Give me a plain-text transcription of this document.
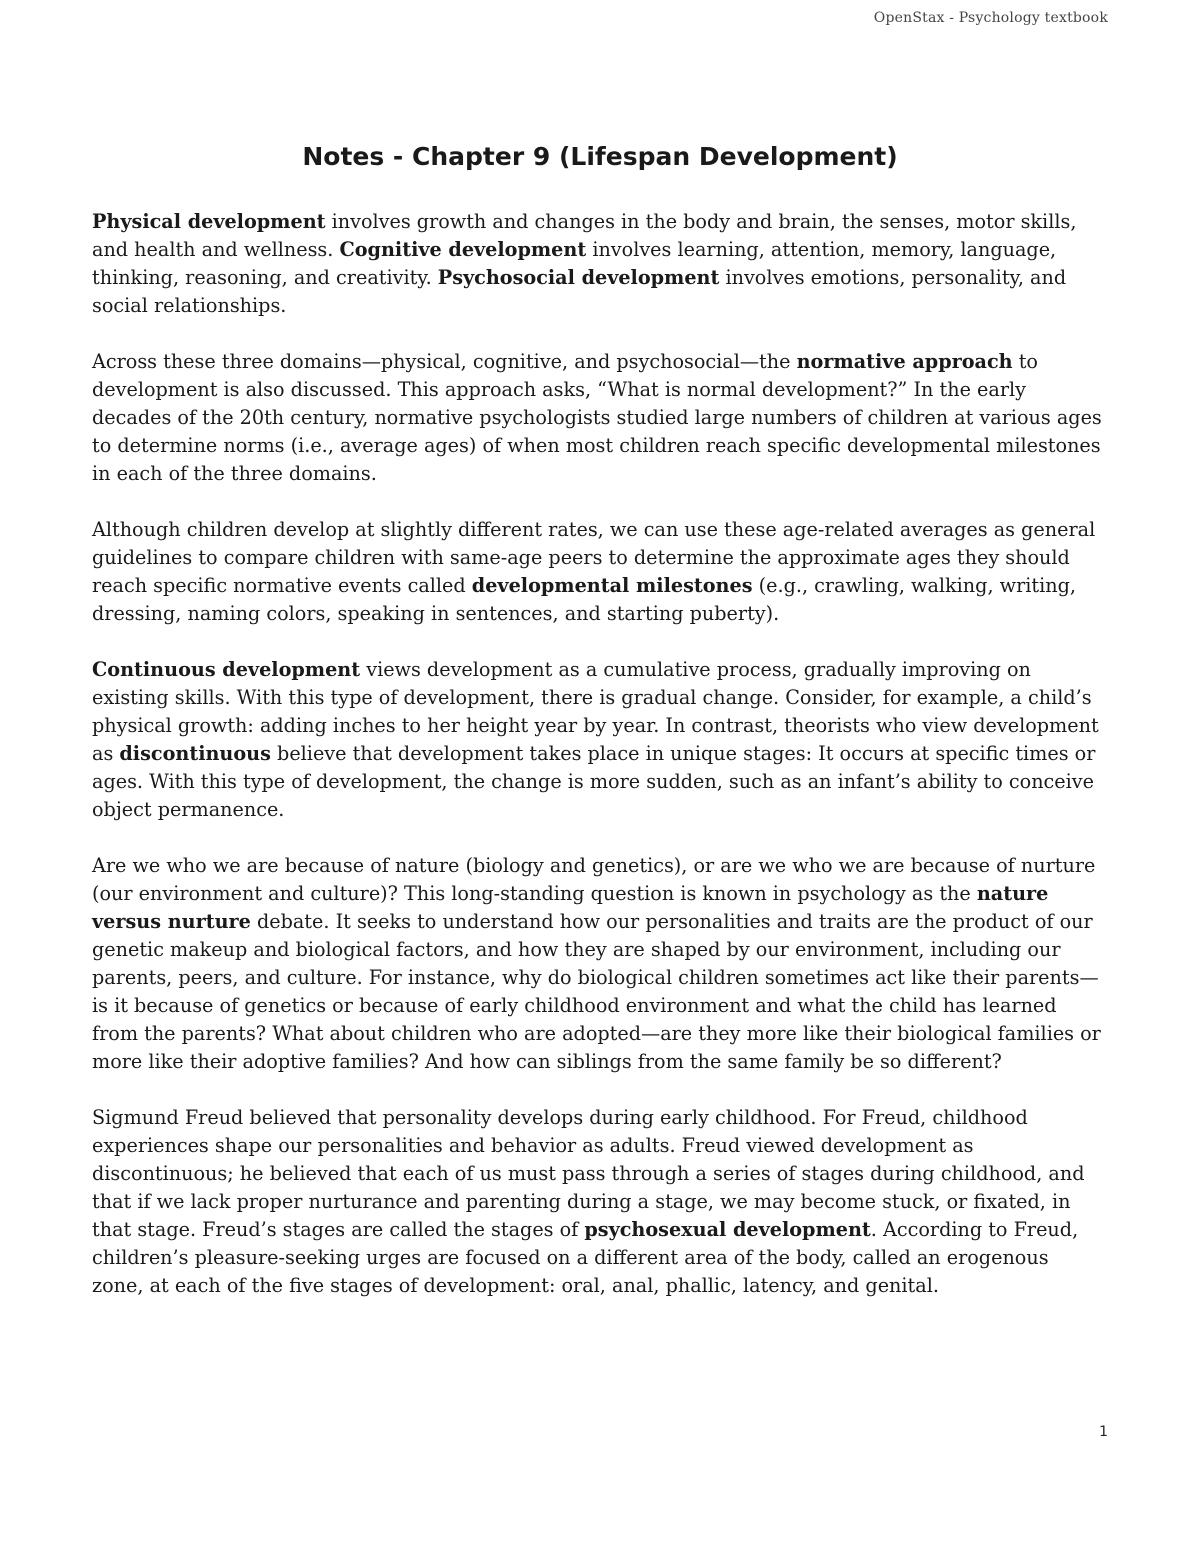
OpenStax - Psychology textbook
Notes - Chapter 9 (Lifespan Development)

Physical development involves growth and changes in the body and brain, the senses, motor skills, and health and wellness. Cognitive development involves learning, attention, memory, language, thinking, reasoning, and creativity. Psychosocial development involves emotions, personality, and social relationships.

Across these three domains—physical, cognitive, and psychosocial—the normative approach to development is also discussed. This approach asks, “What is normal development?” In the early decades of the 20th century, normative psychologists studied large numbers of children at various ages to determine norms (i.e., average ages) of when most children reach specific developmental milestones in each of the three domains.

Although children develop at slightly different rates, we can use these age-related averages as general guidelines to compare children with same-age peers to determine the approximate ages they should reach specific normative events called developmental milestones (e.g., crawling, walking, writing, dressing, naming colors, speaking in sentences, and starting puberty).

Continuous development views development as a cumulative process, gradually improving on existing skills. With this type of development, there is gradual change. Consider, for example, a child’s physical growth: adding inches to her height year by year. In contrast, theorists who view development as discontinuous believe that development takes place in unique stages: It occurs at specific times or ages. With this type of development, the change is more sudden, such as an infant’s ability to conceive object permanence.

Are we who we are because of nature (biology and genetics), or are we who we are because of nurture (our environment and culture)? This long-standing question is known in psychology as the nature versus nurture debate. It seeks to understand how our personalities and traits are the product of our genetic makeup and biological factors, and how they are shaped by our environment, including our parents, peers, and culture. For instance, why do biological children sometimes act like their parents—is it because of genetics or because of early childhood environment and what the child has learned from the parents? What about children who are adopted—are they more like their biological families or more like their adoptive families? And how can siblings from the same family be so different?

Sigmund Freud believed that personality develops during early childhood. For Freud, childhood experiences shape our personalities and behavior as adults. Freud viewed development as discontinuous; he believed that each of us must pass through a series of stages during childhood, and that if we lack proper nurturance and parenting during a stage, we may become stuck, or fixated, in that stage. Freud’s stages are called the stages of psychosexual development. According to Freud, children’s pleasure-seeking urges are focused on a different area of the body, called an erogenous zone, at each of the five stages of development: oral, anal, phallic, latency, and genital.

1
